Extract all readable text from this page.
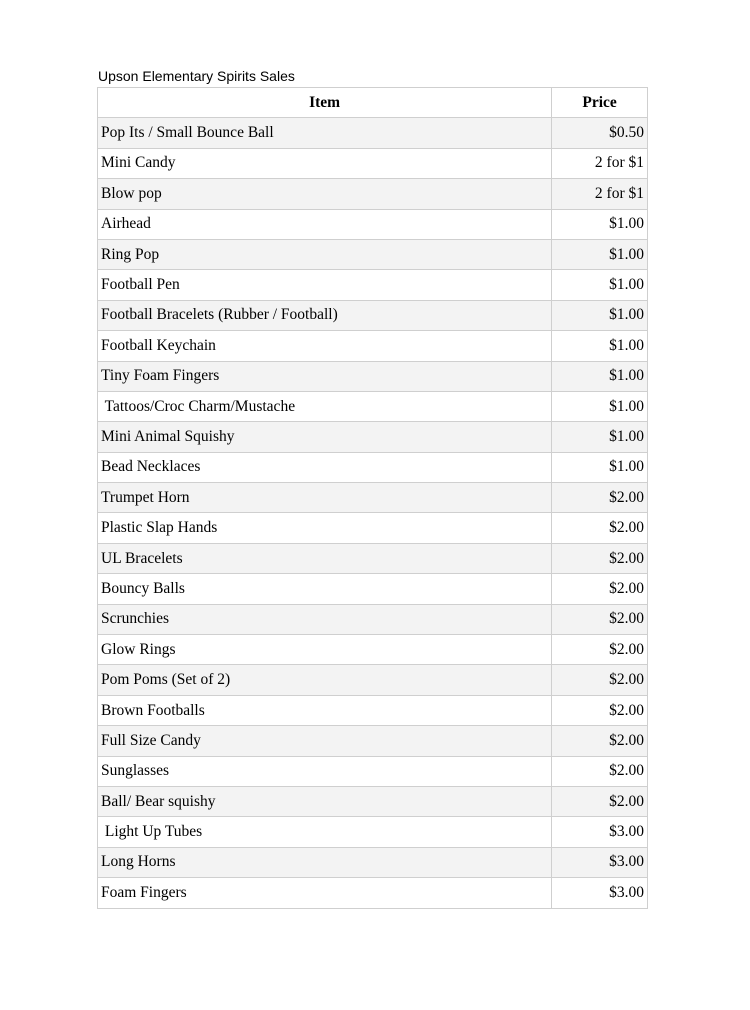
Upson Elementary Spirits Sales
Item	Price
Pop Its / Small Bounce Ball	$0.50
Mini Candy	2 for $1
Blow pop	2 for $1
Airhead	$1.00
Ring Pop	$1.00
Football Pen	$1.00
Football Bracelets (Rubber / Football)	$1.00
Football Keychain	$1.00
Tiny Foam Fingers	$1.00
Tattoos/Croc Charm/Mustache	$1.00
Mini Animal Squishy	$1.00
Bead Necklaces	$1.00
Trumpet Horn	$2.00
Plastic Slap Hands	$2.00
UL Bracelets	$2.00
Bouncy Balls	$2.00
Scrunchies	$2.00
Glow Rings	$2.00
Pom Poms (Set of 2)	$2.00
Brown Footballs	$2.00
Full Size Candy	$2.00
Sunglasses	$2.00
Ball/ Bear squishy	$2.00
Light Up Tubes	$3.00
Long Horns	$3.00
Foam Fingers	$3.00
